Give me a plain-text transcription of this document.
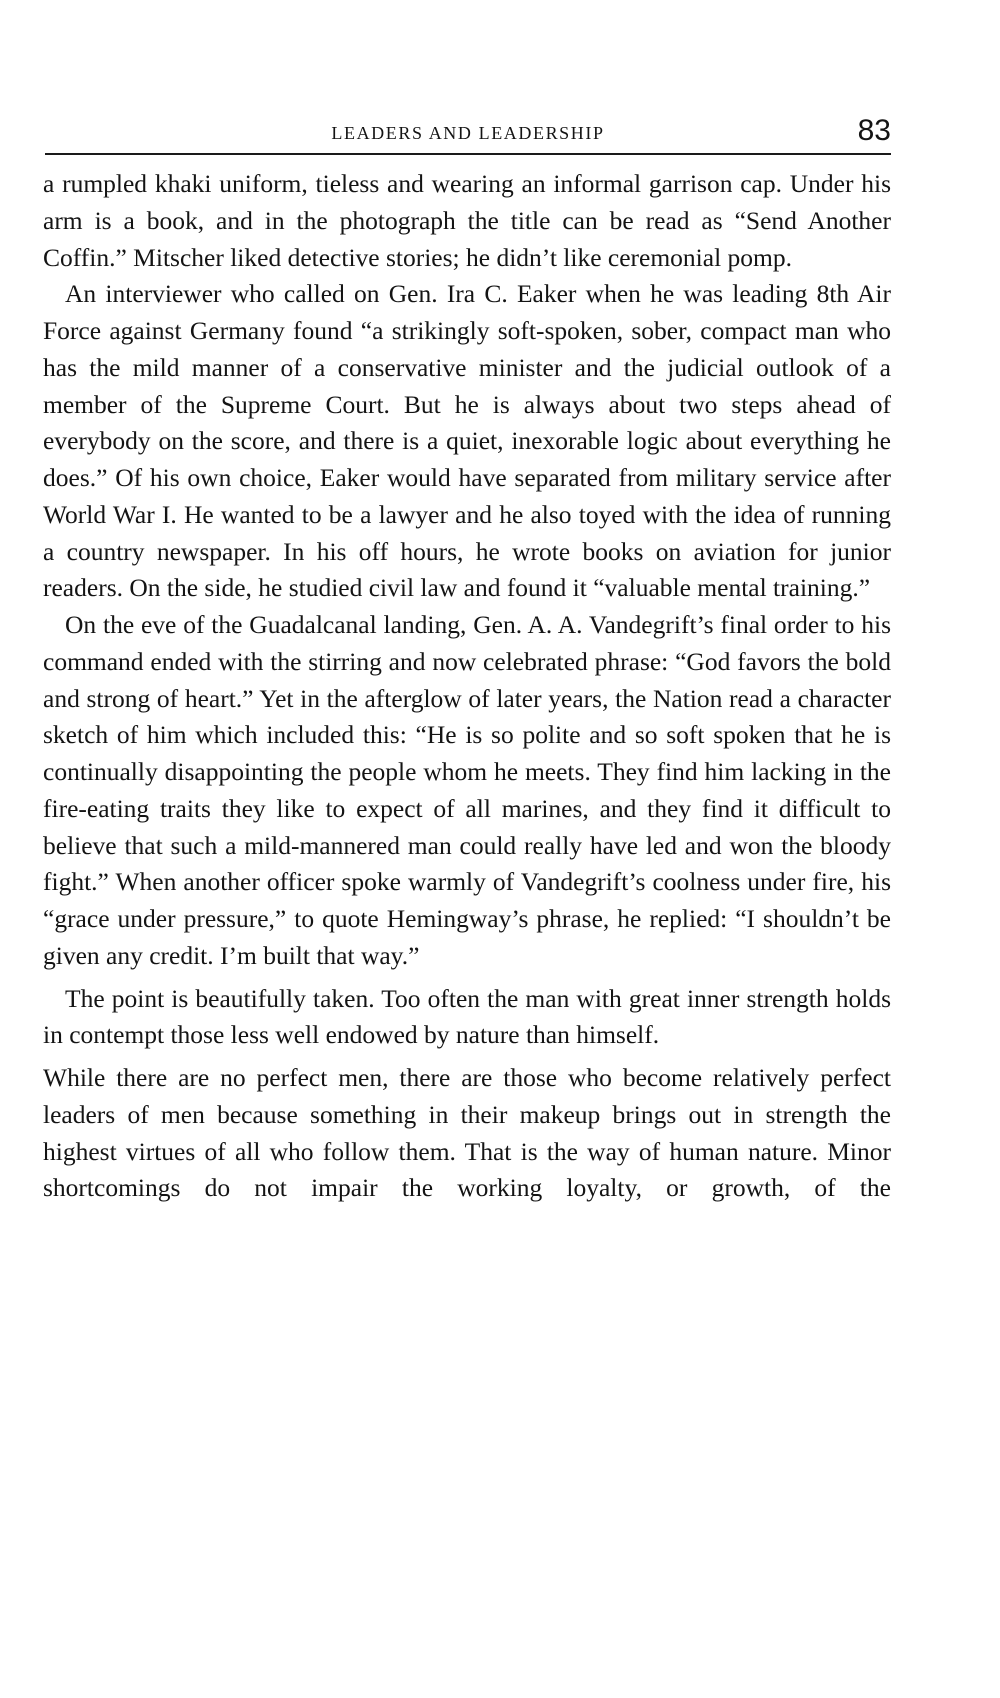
LEADERS AND LEADERSHIP	83

a rumpled khaki uniform, tieless and wearing an informal garrison cap. Under his arm is a book, and in the photograph the title can be read as “Send Another Coffin.” Mitscher liked detective stories; he didn’t like ceremonial pomp.

An interviewer who called on Gen. Ira C. Eaker when he was leading 8th Air Force against Germany found “a strikingly soft-spoken, sober, compact man who has the mild manner of a conservative minister and the judicial outlook of a member of the Supreme Court. But he is always about two steps ahead of everybody on the score, and there is a quiet, inexorable logic about everything he does.” Of his own choice, Eaker would have separated from military service after World War I. He wanted to be a lawyer and he also toyed with the idea of running a country newspaper. In his off hours, he wrote books on aviation for junior readers. On the side, he studied civil law and found it “valuable mental training.”

On the eve of the Guadalcanal landing, Gen. A. A. Vandegrift’s final order to his command ended with the stirring and now celebrated phrase: “God favors the bold and strong of heart.” Yet in the afterglow of later years, the Nation read a character sketch of him which included this: “He is so polite and so soft spoken that he is continually disappointing the people whom he meets. They find him lacking in the fire-eating traits they like to expect of all marines, and they find it difficult to believe that such a mild-mannered man could really have led and won the bloody fight.” When another officer spoke warmly of Vandegrift’s coolness under fire, his “grace under pressure,” to quote Hemingway’s phrase, he replied: “I shouldn’t be given any credit. I’m built that way.”

The point is beautifully taken. Too often the man with great inner strength holds in contempt those less well endowed by nature than himself.

While there are no perfect men, there are those who become relatively perfect leaders of men because something in their makeup brings out in strength the highest virtues of all who follow them. That is the way of human nature. Minor shortcomings do not impair the working loyalty, or growth, of the
